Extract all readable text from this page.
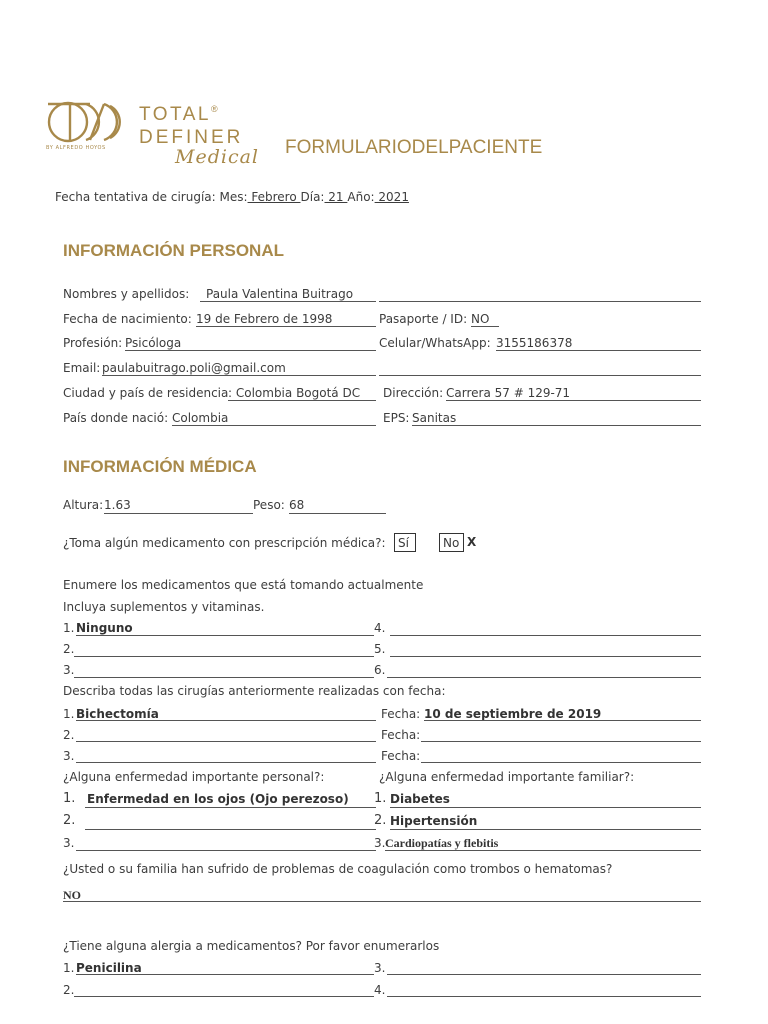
BY ALFREDO HOYOS
TOTAL®
DEFINER
Medical FORMULARIODELPACIENTE
Fecha tentativa de cirugía: Mes: Febrero Día: 21 Año: 2021
INFORMACIÓN PERSONAL
Nombres y apellidos: Paula Valentina Buitrago
Fecha de nacimiento: 19 de Febrero de 1998	Pasaporte / ID: NO
Profesión: Psicóloga	Celular/WhatsApp: 3155186378
Email: paulabuitrago.poli@gmail.com
Ciudad y país de residencia : Colombia Bogotá DC Dirección: Carrera 57 # 129-71
País donde nació: Colombia	EPS: Sanitas
INFORMACIÓN MÉDICA
Altura: 1.63	Peso: 68
¿Toma algún medicamento con prescripción médica?:	Sí	No X
Enumere los medicamentos que está tomando actualmente
Incluya suplementos y vitaminas.
1. Ninguno	4.
2.	5.
3.	6.
Describa todas las cirugías anteriormente realizadas con fecha:
1. Bichectomía	Fecha: 10 de septiembre de 2019
2.	Fecha:
3.	Fecha:
¿Alguna enfermedad importante personal?:	¿Alguna enfermedad importante familiar?:
1. Enfermedad en los ojos (Ojo perezoso) 1. Diabetes
2.	2. Hipertensión
3.	3. Cardiopatías y flebitis
¿Usted o su familia han sufrido de problemas de coagulación como trombos o hematomas?
NO
¿Tiene alguna alergia a medicamentos? Por favor enumerarlos
1. Penicilina	3.
2.	4.
